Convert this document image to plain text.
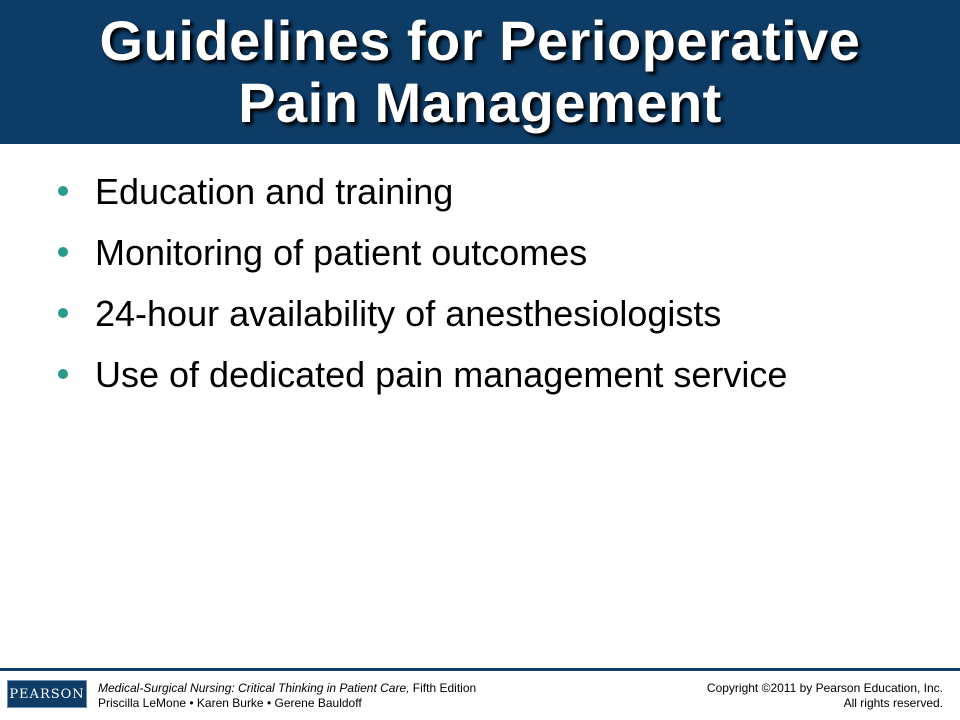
Guidelines for Perioperative
Pain Management
Education and training
Monitoring of patient outcomes
24-hour availability of anesthesiologists
Use of dedicated pain management service
PEARSON Medical-Surgical Nursing: Critical Thinking in Patient Care, Fifth Edition
Priscilla LeMone • Karen Burke • Gerene Bauldoff
Copyright ©2011 by Pearson Education, Inc.
All rights reserved.
